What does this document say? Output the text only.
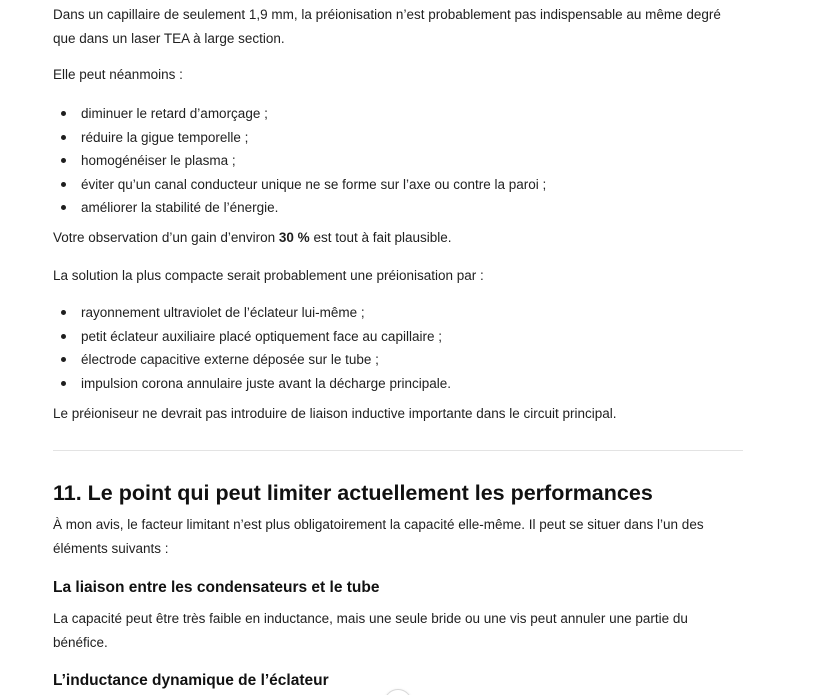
Dans un capillaire de seulement 1,9 mm, la préionisation n’est probablement pas indispensable au même degré que dans un laser TEA à large section.

Elle peut néanmoins :

diminuer le retard d’amorçage ;
réduire la gigue temporelle ;
homogénéiser le plasma ;
éviter qu’un canal conducteur unique ne se forme sur l’axe ou contre la paroi ;
améliorer la stabilité de l’énergie.

Votre observation d’un gain d’environ 30 % est tout à fait plausible.

La solution la plus compacte serait probablement une préionisation par :

rayonnement ultraviolet de l’éclateur lui-même ;
petit éclateur auxiliaire placé optiquement face au capillaire ;
électrode capacitive externe déposée sur le tube ;
impulsion corona annulaire juste avant la décharge principale.

Le préioniseur ne devrait pas introduire de liaison inductive importante dans le circuit principal.

11. Le point qui peut limiter actuellement les performances

À mon avis, le facteur limitant n’est plus obligatoirement la capacité elle-même. Il peut se situer dans l’un des éléments suivants :

La liaison entre les condensateurs et le tube

La capacité peut être très faible en inductance, mais une seule bride ou une vis peut annuler une partie du bénéfice.

L’inductance dynamique de l’éclateur
